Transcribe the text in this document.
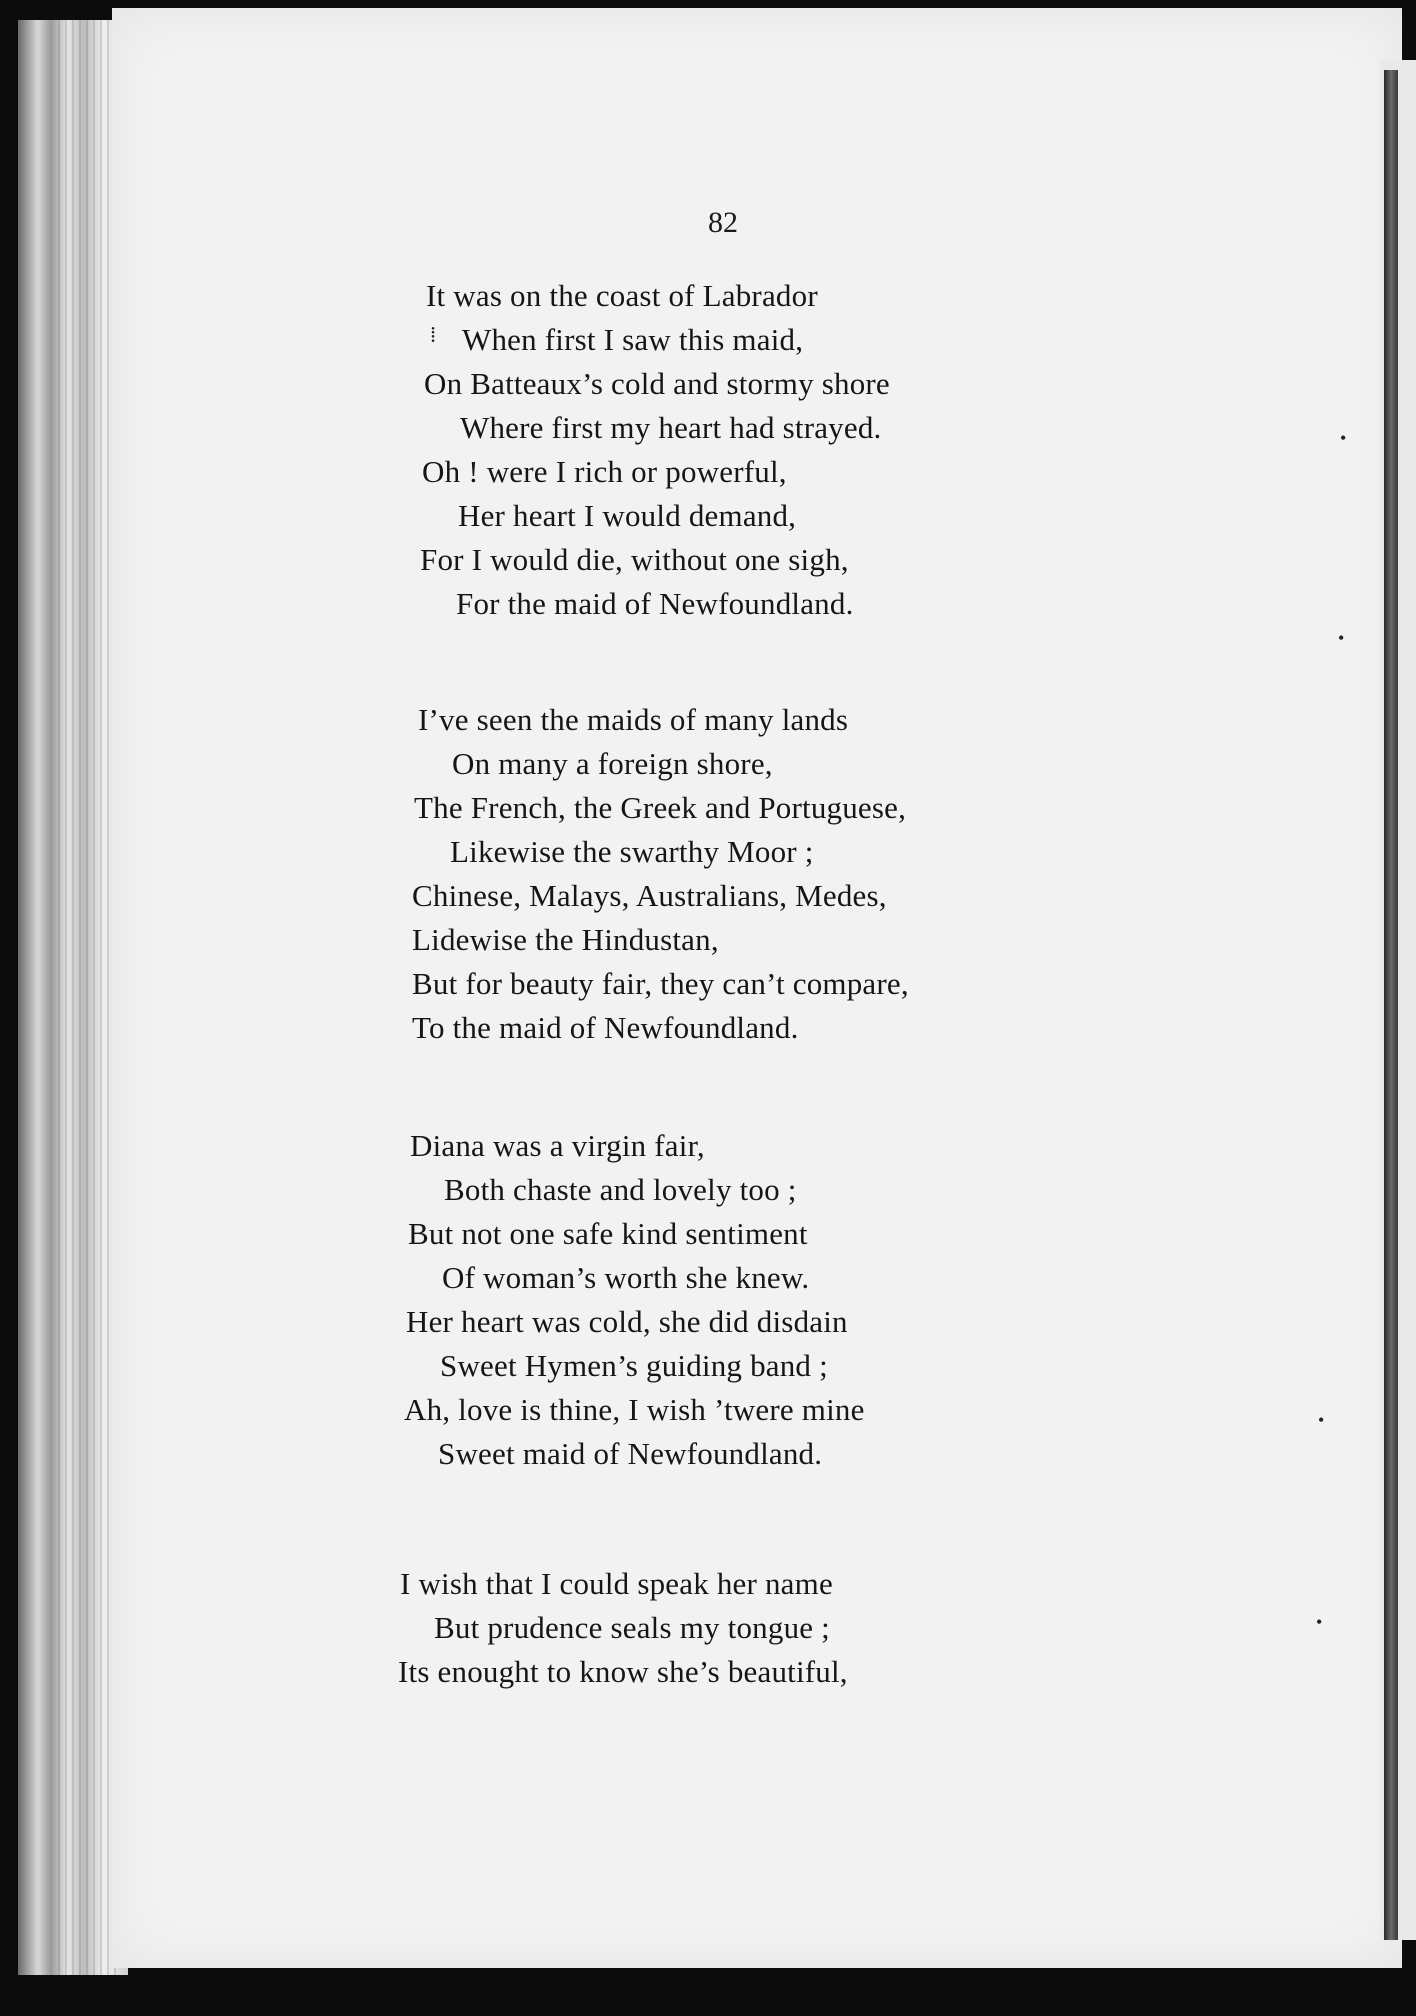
82
It was on the coast of Labrador
When first I saw this maid,
On Batteaux’s cold and stormy shore
Where first my heart had strayed.
Oh ! were I rich or powerful,
Her heart I would demand,
For I would die, without one sigh,
For the maid of Newfoundland.
I’ve seen the maids of many lands
On many a foreign shore,
The French, the Greek and Portuguese,
Likewise the swarthy Moor ;
Chinese, Malays, Australians, Medes,
Lidewise the Hindustan,
But for beauty fair, they can’t compare,
To the maid of Newfoundland.
Diana was a virgin fair,
Both chaste and lovely too ;
But not one safe kind sentiment
Of woman’s worth she knew.
Her heart was cold, she did disdain
Sweet Hymen’s guiding band ;
Ah, love is thine, I wish ’twere mine
Sweet maid of Newfoundland.
I wish that I could speak her name
But prudence seals my tongue ;
Its enought to know she’s beautiful,
⁞
•
•
•
•
